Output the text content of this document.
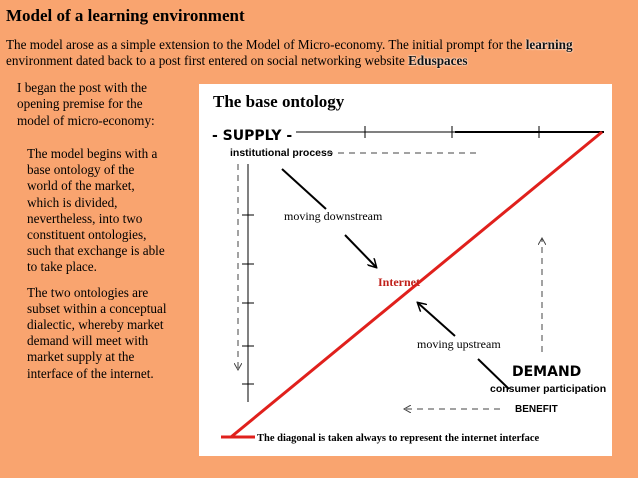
Model of a learning environment
The model arose as a simple extension to the Model of Micro-economy. The initial prompt for the learning environment dated back to a post first entered on social networking website Eduspaces
I began the post with the opening premise for the model of micro-economy:

The model begins with a base ontology of the world of the market, which is divided, nevertheless, into two constituent ontologies, such that exchange is able to take place.

The two ontologies are subset within a conceptual dialectic, whereby market demand will meet with market supply at the interface of the internet.

The base ontology
- SUPPLY -
institutional process
moving downstream
Internet
moving upstream
DEMAND
consumer participation
BENEFIT
The diagonal is taken always to represent the internet interface
